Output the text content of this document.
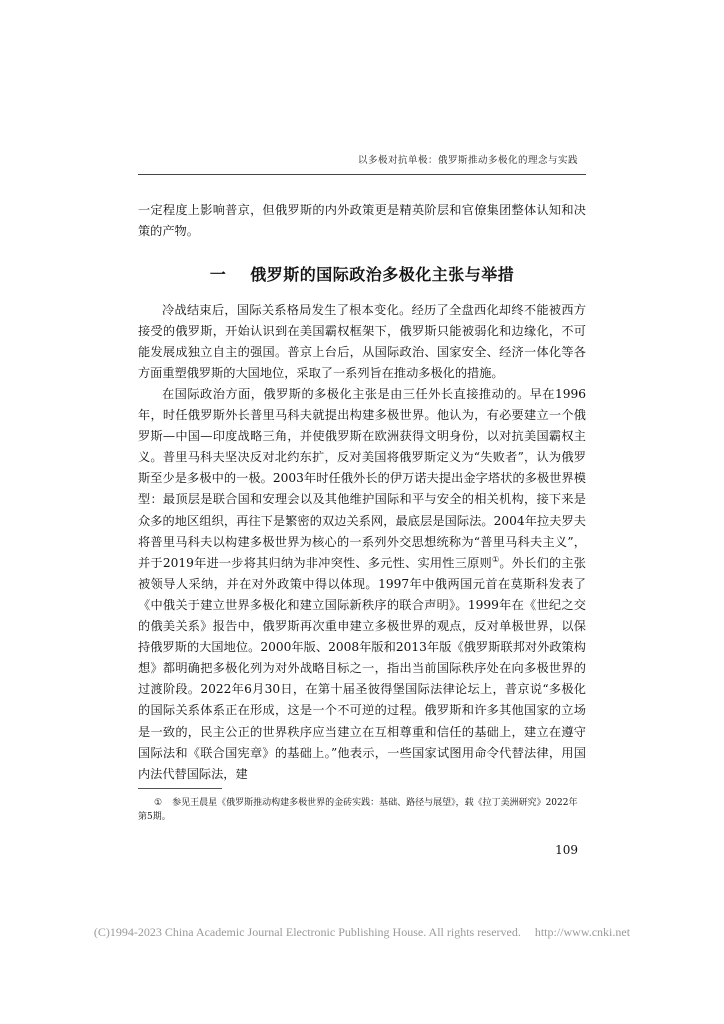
以多极对抗单极：俄罗斯推动多极化的理念与实践

一定程度上影响普京，但俄罗斯的内外政策更是精英阶层和官僚集团整体认知和决策的产物。

一 俄罗斯的国际政治多极化主张与举措

冷战结束后，国际关系格局发生了根本变化。经历了全盘西化却终不能被西方接受的俄罗斯，开始认识到在美国霸权框架下，俄罗斯只能被弱化和边缘化，不可能发展成独立自主的强国。普京上台后，从国际政治、国家安全、经济一体化等各方面重塑俄罗斯的大国地位，采取了一系列旨在推动多极化的措施。

在国际政治方面，俄罗斯的多极化主张是由三任外长直接推动的。早在1996年，时任俄罗斯外长普里马科夫就提出构建多极世界。他认为，有必要建立一个俄罗斯—中国—印度战略三角，并使俄罗斯在欧洲获得文明身份，以对抗美国霸权主义。普里马科夫坚决反对北约东扩，反对美国将俄罗斯定义为“失败者”，认为俄罗斯至少是多极中的一极。2003年时任俄外长的伊万诺夫提出金字塔状的多极世界模型：最顶层是联合国和安理会以及其他维护国际和平与安全的相关机构，接下来是众多的地区组织，再往下是繁密的双边关系网，最底层是国际法。2004年拉夫罗夫将普里马科夫以构建多极世界为核心的一系列外交思想统称为“普里马科夫主义”，并于2019年进一步将其归纳为非冲突性、多元性、实用性三原则①。外长们的主张被领导人采纳，并在对外政策中得以体现。1997年中俄两国元首在莫斯科发表了《中俄关于建立世界多极化和建立国际新秩序的联合声明》。1999年在《世纪之交的俄美关系》报告中，俄罗斯再次重申建立多极世界的观点，反对单极世界，以保持俄罗斯的大国地位。2000年版、2008年版和2013年版《俄罗斯联邦对外政策构想》都明确把多极化列为对外战略目标之一，指出当前国际秩序处在向多极世界的过渡阶段。2022年6月30日，在第十届圣彼得堡国际法律论坛上，普京说“多极化的国际关系体系正在形成，这是一个不可逆的过程。俄罗斯和许多其他国家的立场是一致的，民主公正的世界秩序应当建立在互相尊重和信任的基础上，建立在遵守国际法和《联合国宪章》的基础上。”他表示，一些国家试图用命令代替法律，用国内法代替国际法，建

① 参见王晨星《俄罗斯推动构建多极世界的金砖实践：基础、路径与展望》，载《拉丁美洲研究》2022年第5期。

109
(C)1994-2023 China Academic Journal Electronic Publishing House. All rights reserved. http://www.cnki.net
